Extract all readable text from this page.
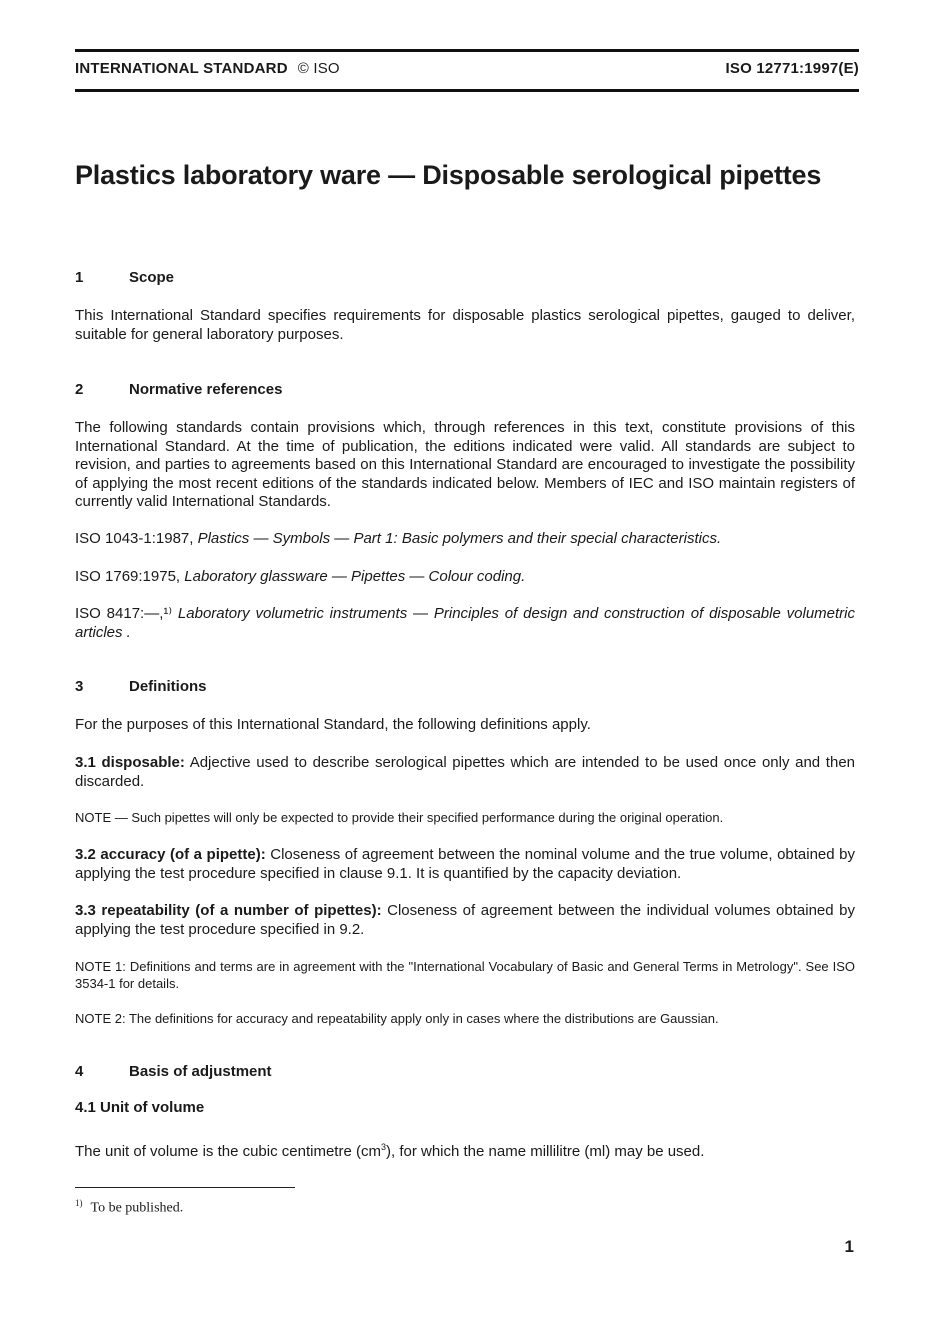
INTERNATIONAL STANDARD © ISO	ISO 12771:1997(E)
Plastics laboratory ware — Disposable serological pipettes
1	Scope
This International Standard specifies requirements for disposable plastics serological pipettes, gauged to deliver, suitable for general laboratory purposes.
2	Normative references
The following standards contain provisions which, through references in this text, constitute provisions of this International Standard. At the time of publication, the editions indicated were valid. All standards are subject to revision, and parties to agreements based on this International Standard are encouraged to investigate the possibility of applying the most recent editions of the standards indicated below. Members of IEC and ISO maintain registers of currently valid International Standards.
ISO 1043-1:1987, Plastics — Symbols — Part 1: Basic polymers and their special characteristics.
ISO 1769:1975, Laboratory glassware — Pipettes — Colour coding.
ISO 8417:—,¹⁾ Laboratory volumetric instruments — Principles of design and construction of disposable volumetric articles .
3	Definitions
For the purposes of this International Standard, the following definitions apply.
3.1 disposable: Adjective used to describe serological pipettes which are intended to be used once only and then discarded.
NOTE — Such pipettes will only be expected to provide their specified performance during the original operation.
3.2 accuracy (of a pipette): Closeness of agreement between the nominal volume and the true volume, obtained by applying the test procedure specified in clause 9.1. It is quantified by the capacity deviation.
3.3 repeatability (of a number of pipettes): Closeness of agreement between the individual volumes obtained by applying the test procedure specified in 9.2.
NOTE 1: Definitions and terms are in agreement with the "International Vocabulary of Basic and General Terms in Metrology". See ISO 3534-1 for details.
NOTE 2: The definitions for accuracy and repeatability apply only in cases where the distributions are Gaussian.
4	Basis of adjustment
4.1 Unit of volume
The unit of volume is the cubic centimetre $(cm^3)$, for which the name millilitre (ml) may be used.
$^{1)}$ To be published.
1
